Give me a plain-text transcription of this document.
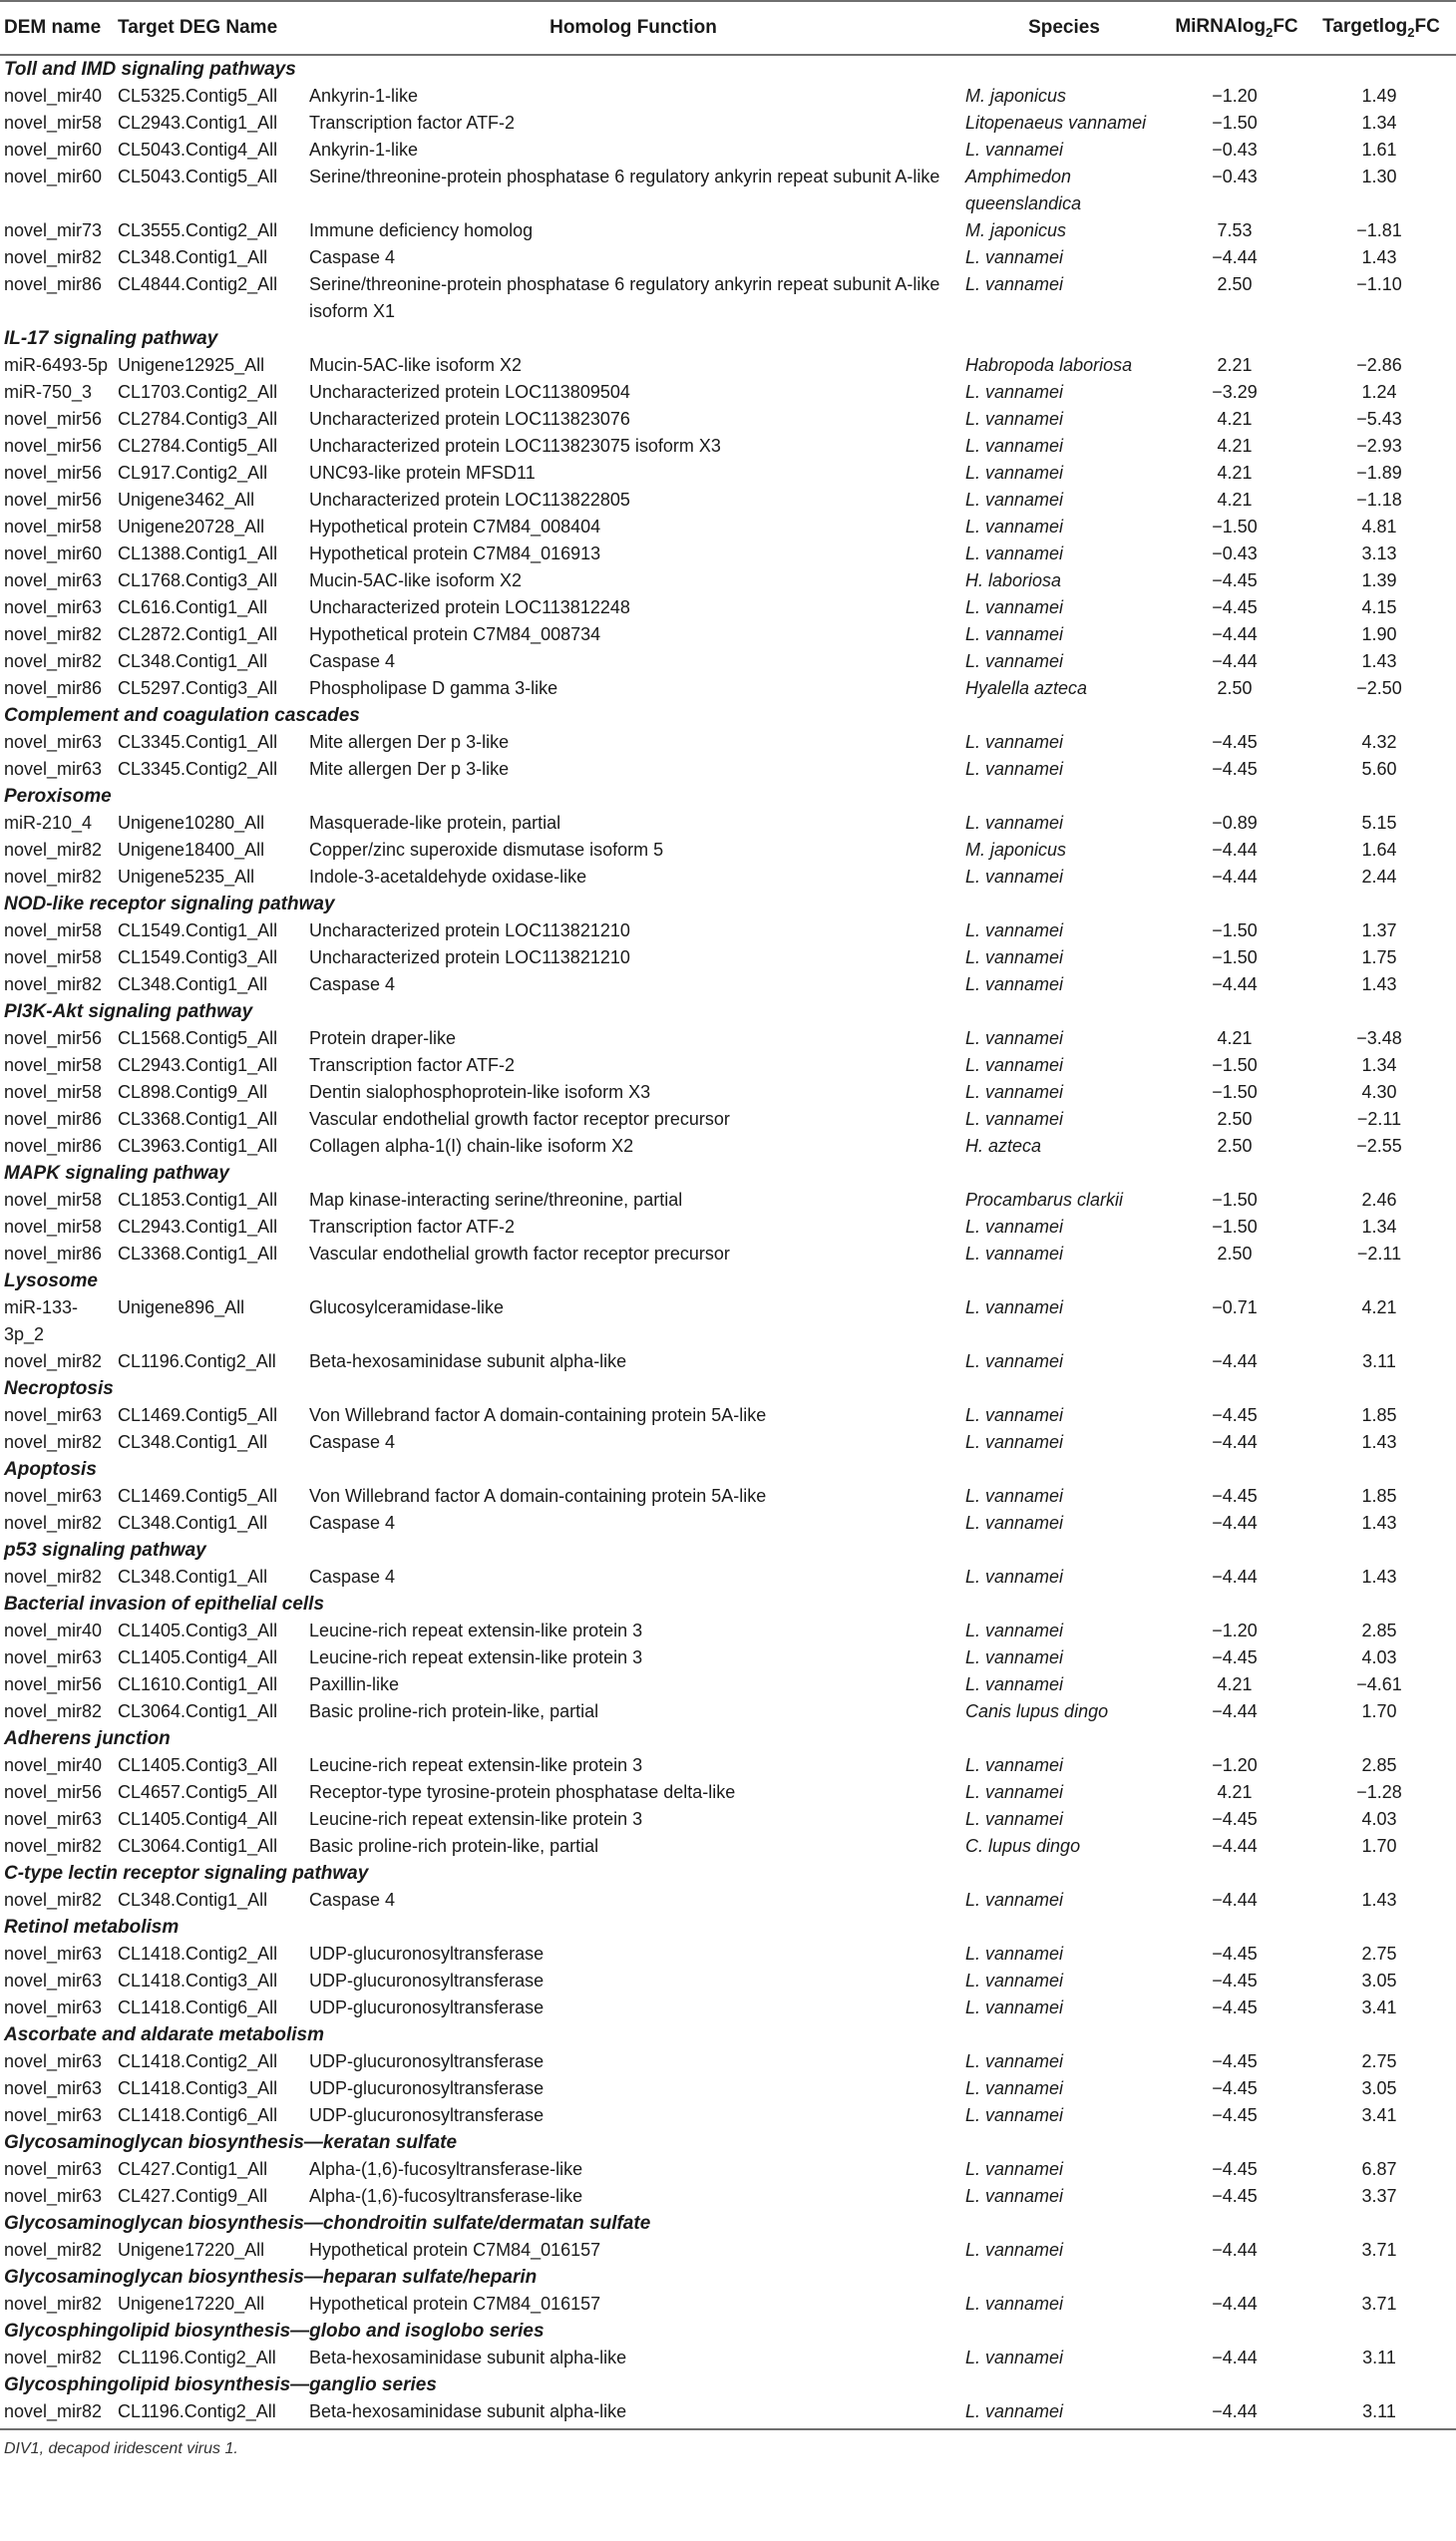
DEM name	Target DEG Name	Homolog Function	Species	MiRNAlog$_2$FC	Targetlog$_2$FC
Toll and IMD signaling pathways					
novel_mir40	CL5325.Contig5_All	Ankyrin-1-like	M. japonicus	−1.20	1.49
novel_mir58	CL2943.Contig1_All	Transcription factor ATF-2	Litopenaeus vannamei	−1.50	1.34
novel_mir60	CL5043.Contig4_All	Ankyrin-1-like	L. vannamei	−0.43	1.61
novel_mir60	CL5043.Contig5_All	Serine/threonine-protein phosphatase 6 regulatory ankyrin repeat subunit A-like	Amphimedon queenslandica	−0.43	1.30
novel_mir73	CL3555.Contig2_All	Immune deficiency homolog	M. japonicus	7.53	−1.81
novel_mir82	CL348.Contig1_All	Caspase 4	L. vannamei	−4.44	1.43
novel_mir86	CL4844.Contig2_All	Serine/threonine-protein phosphatase 6 regulatory ankyrin repeat subunit A-like isoform X1	L. vannamei	2.50	−1.10
IL-17 signaling pathway					
miR-6493-5p	Unigene12925_All	Mucin-5AC-like isoform X2	Habropoda laboriosa	2.21	−2.86
miR-750_3	CL1703.Contig2_All	Uncharacterized protein LOC113809504	L. vannamei	−3.29	1.24
novel_mir56	CL2784.Contig3_All	Uncharacterized protein LOC113823076	L. vannamei	4.21	−5.43
novel_mir56	CL2784.Contig5_All	Uncharacterized protein LOC113823075 isoform X3	L. vannamei	4.21	−2.93
novel_mir56	CL917.Contig2_All	UNC93-like protein MFSD11	L. vannamei	4.21	−1.89
novel_mir56	Unigene3462_All	Uncharacterized protein LOC113822805	L. vannamei	4.21	−1.18
novel_mir58	Unigene20728_All	Hypothetical protein C7M84_008404	L. vannamei	−1.50	4.81
novel_mir60	CL1388.Contig1_All	Hypothetical protein C7M84_016913	L. vannamei	−0.43	3.13
novel_mir63	CL1768.Contig3_All	Mucin-5AC-like isoform X2	H. laboriosa	−4.45	1.39
novel_mir63	CL616.Contig1_All	Uncharacterized protein LOC113812248	L. vannamei	−4.45	4.15
novel_mir82	CL2872.Contig1_All	Hypothetical protein C7M84_008734	L. vannamei	−4.44	1.90
novel_mir82	CL348.Contig1_All	Caspase 4	L. vannamei	−4.44	1.43
novel_mir86	CL5297.Contig3_All	Phospholipase D gamma 3-like	Hyalella azteca	2.50	−2.50
Complement and coagulation cascades					
novel_mir63	CL3345.Contig1_All	Mite allergen Der p 3-like	L. vannamei	−4.45	4.32
novel_mir63	CL3345.Contig2_All	Mite allergen Der p 3-like	L. vannamei	−4.45	5.60
Peroxisome					
miR-210_4	Unigene10280_All	Masquerade-like protein, partial	L. vannamei	−0.89	5.15
novel_mir82	Unigene18400_All	Copper/zinc superoxide dismutase isoform 5	M. japonicus	−4.44	1.64
novel_mir82	Unigene5235_All	Indole-3-acetaldehyde oxidase-like	L. vannamei	−4.44	2.44
NOD-like receptor signaling pathway					
novel_mir58	CL1549.Contig1_All	Uncharacterized protein LOC113821210	L. vannamei	−1.50	1.37
novel_mir58	CL1549.Contig3_All	Uncharacterized protein LOC113821210	L. vannamei	−1.50	1.75
novel_mir82	CL348.Contig1_All	Caspase 4	L. vannamei	−4.44	1.43
PI3K-Akt signaling pathway					
novel_mir56	CL1568.Contig5_All	Protein draper-like	L. vannamei	4.21	−3.48
novel_mir58	CL2943.Contig1_All	Transcription factor ATF-2	L. vannamei	−1.50	1.34
novel_mir58	CL898.Contig9_All	Dentin sialophosphoprotein-like isoform X3	L. vannamei	−1.50	4.30
novel_mir86	CL3368.Contig1_All	Vascular endothelial growth factor receptor precursor	L. vannamei	2.50	−2.11
novel_mir86	CL3963.Contig1_All	Collagen alpha-1(I) chain-like isoform X2	H. azteca	2.50	−2.55
MAPK signaling pathway					
novel_mir58	CL1853.Contig1_All	Map kinase-interacting serine/threonine, partial	Procambarus clarkii	−1.50	2.46
novel_mir58	CL2943.Contig1_All	Transcription factor ATF-2	L. vannamei	−1.50	1.34
novel_mir86	CL3368.Contig1_All	Vascular endothelial growth factor receptor precursor	L. vannamei	2.50	−2.11
Lysosome					
miR-133-3p_2	Unigene896_All	Glucosylceramidase-like	L. vannamei	−0.71	4.21
novel_mir82	CL1196.Contig2_All	Beta-hexosaminidase subunit alpha-like	L. vannamei	−4.44	3.11
Necroptosis					
novel_mir63	CL1469.Contig5_All	Von Willebrand factor A domain-containing protein 5A-like	L. vannamei	−4.45	1.85
novel_mir82	CL348.Contig1_All	Caspase 4	L. vannamei	−4.44	1.43
Apoptosis					
novel_mir63	CL1469.Contig5_All	Von Willebrand factor A domain-containing protein 5A-like	L. vannamei	−4.45	1.85
novel_mir82	CL348.Contig1_All	Caspase 4	L. vannamei	−4.44	1.43
p53 signaling pathway					
novel_mir82	CL348.Contig1_All	Caspase 4	L. vannamei	−4.44	1.43
Bacterial invasion of epithelial cells					
novel_mir40	CL1405.Contig3_All	Leucine-rich repeat extensin-like protein 3	L. vannamei	−1.20	2.85
novel_mir63	CL1405.Contig4_All	Leucine-rich repeat extensin-like protein 3	L. vannamei	−4.45	4.03
novel_mir56	CL1610.Contig1_All	Paxillin-like	L. vannamei	4.21	−4.61
novel_mir82	CL3064.Contig1_All	Basic proline-rich protein-like, partial	Canis lupus dingo	−4.44	1.70
Adherens junction					
novel_mir40	CL1405.Contig3_All	Leucine-rich repeat extensin-like protein 3	L. vannamei	−1.20	2.85
novel_mir56	CL4657.Contig5_All	Receptor-type tyrosine-protein phosphatase delta-like	L. vannamei	4.21	−1.28
novel_mir63	CL1405.Contig4_All	Leucine-rich repeat extensin-like protein 3	L. vannamei	−4.45	4.03
novel_mir82	CL3064.Contig1_All	Basic proline-rich protein-like, partial	C. lupus dingo	−4.44	1.70
C-type lectin receptor signaling pathway					
novel_mir82	CL348.Contig1_All	Caspase 4	L. vannamei	−4.44	1.43
Retinol metabolism					
novel_mir63	CL1418.Contig2_All	UDP-glucuronosyltransferase	L. vannamei	−4.45	2.75
novel_mir63	CL1418.Contig3_All	UDP-glucuronosyltransferase	L. vannamei	−4.45	3.05
novel_mir63	CL1418.Contig6_All	UDP-glucuronosyltransferase	L. vannamei	−4.45	3.41
Ascorbate and aldarate metabolism					
novel_mir63	CL1418.Contig2_All	UDP-glucuronosyltransferase	L. vannamei	−4.45	2.75
novel_mir63	CL1418.Contig3_All	UDP-glucuronosyltransferase	L. vannamei	−4.45	3.05
novel_mir63	CL1418.Contig6_All	UDP-glucuronosyltransferase	L. vannamei	−4.45	3.41
Glycosaminoglycan biosynthesis—keratan sulfate					
novel_mir63	CL427.Contig1_All	Alpha-(1,6)-fucosyltransferase-like	L. vannamei	−4.45	6.87
novel_mir63	CL427.Contig9_All	Alpha-(1,6)-fucosyltransferase-like	L. vannamei	−4.45	3.37
Glycosaminoglycan biosynthesis—chondroitin sulfate/dermatan sulfate					
novel_mir82	Unigene17220_All	Hypothetical protein C7M84_016157	L. vannamei	−4.44	3.71
Glycosaminoglycan biosynthesis—heparan sulfate/heparin					
novel_mir82	Unigene17220_All	Hypothetical protein C7M84_016157	L. vannamei	−4.44	3.71
Glycosphingolipid biosynthesis—globo and isoglobo series					
novel_mir82	CL1196.Contig2_All	Beta-hexosaminidase subunit alpha-like	L. vannamei	−4.44	3.11
Glycosphingolipid biosynthesis—ganglio series					
novel_mir82	CL1196.Contig2_All	Beta-hexosaminidase subunit alpha-like	L. vannamei	−4.44	3.11
DIV1, decapod iridescent virus 1.
